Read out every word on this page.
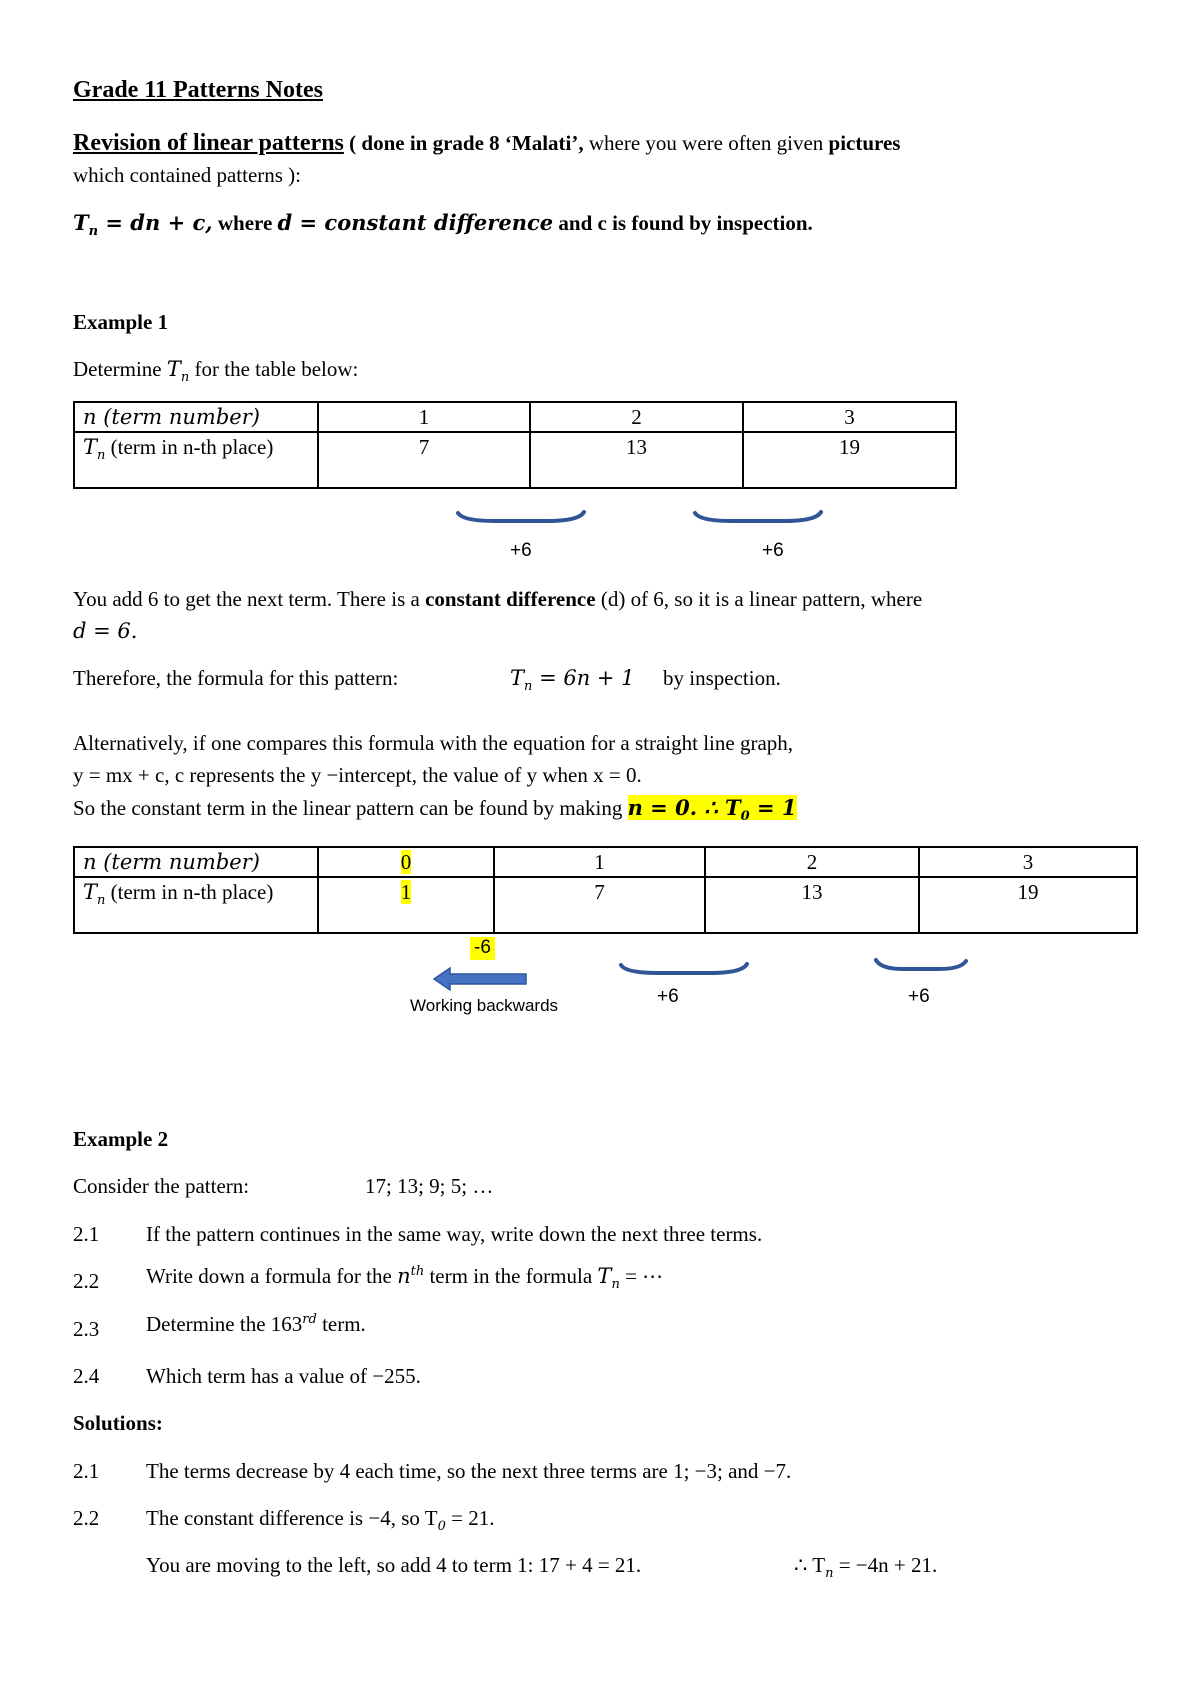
Grade 11 Patterns Notes
Revision of linear patterns ( done in grade 8 ‘Malati’, where you were often given pictures
which contained patterns ):
$T_n$ = dn + c, where d = constant difference and c is found by inspection.
Example 1
Determine $T_n$ for the table below:
n (term number)	1	2	3
$T_n$ (term in n-th place)	7	13	19
+6	+6
You add 6 to get the next term. There is a constant difference (d) of 6, so it is a linear pattern, where
d = 6.
Therefore, the formula for this pattern:	$T_n = 6n + 1$ by inspection.
Alternatively, if one compares this formula with the equation for a straight line graph,
y = mx + c, c represents the y −intercept, the value of y when x = 0.
So the constant term in the linear pattern can be found by making n = 0. ∴ $T_0 = 1$
n (term number)	0	1	2	3
$T_n$ (term in n-th place)	1	7	13	19
-6
Working backwards	+6	+6
Example 2
Consider the pattern:	17; 13; 9; 5; …
2.1 If the pattern continues in the same way, write down the next three terms.
2.2 Write down a formula for the $n^{th}$ term in the formula $T_n$ = ⋯
2.3 Determine the 163rd term.
2.4 Which term has a value of −255.
Solutions:
2.1 The terms decrease by 4 each time, so the next three terms are 1; −3; and −7.
2.2 The constant difference is −4, so $T_0 = 21$.
You are moving to the left, so add 4 to term 1: 17 + 4 = 21.	∴ $T_n = -4n + 21$.
